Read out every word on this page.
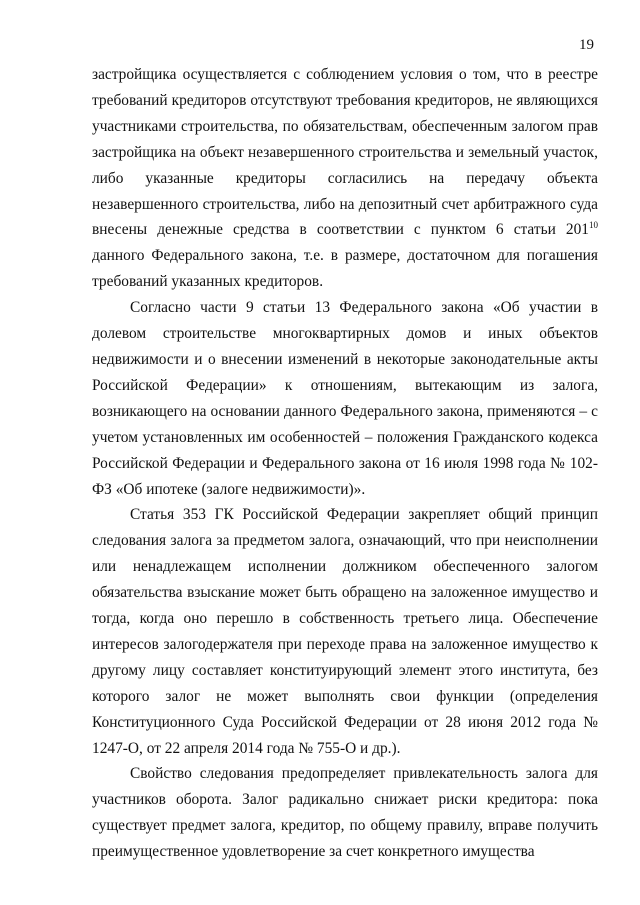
19

застройщика осуществляется с соблюдением условия о том, что в реестре требований кредиторов отсутствуют требования кредиторов, не являющихся участниками строительства, по обязательствам, обеспеченным залогом прав застройщика на объект незавершенного строительства и земельный участок, либо указанные кредиторы согласились на передачу объекта незавершенного строительства, либо на депозитный счет арбитражного суда внесены денежные средства в соответствии с пунктом 6 статьи $201^{10}$ данного Федерального закона, т.е. в размере, достаточном для погашения требований указанных кредиторов.

Согласно части 9 статьи 13 Федерального закона «Об участии в долевом строительстве многоквартирных домов и иных объектов недвижимости и о внесении изменений в некоторые законодательные акты Российской Федерации» к отношениям, вытекающим из залога, возникающего на основании данного Федерального закона, применяются – с учетом установленных им особенностей – положения Гражданского кодекса Российской Федерации и Федерального закона от 16 июля 1998 года № 102-ФЗ «Об ипотеке (залоге недвижимости)».

Статья 353 ГК Российской Федерации закрепляет общий принцип следования залога за предметом залога, означающий, что при неисполнении или ненадлежащем исполнении должником обеспеченного залогом обязательства взыскание может быть обращено на заложенное имущество и тогда, когда оно перешло в собственность третьего лица. Обеспечение интересов залогодержателя при переходе права на заложенное имущество к другому лицу составляет конституирующий элемент этого института, без которого залог не может выполнять свои функции (определения Конституционного Суда Российской Федерации от 28 июня 2012 года № 1247-О, от 22 апреля 2014 года № 755-О и др.).

Свойство следования предопределяет привлекательность залога для участников оборота. Залог радикально снижает риски кредитора: пока существует предмет залога, кредитор, по общему правилу, вправе получить преимущественное удовлетворение за счет конкретного имущества
